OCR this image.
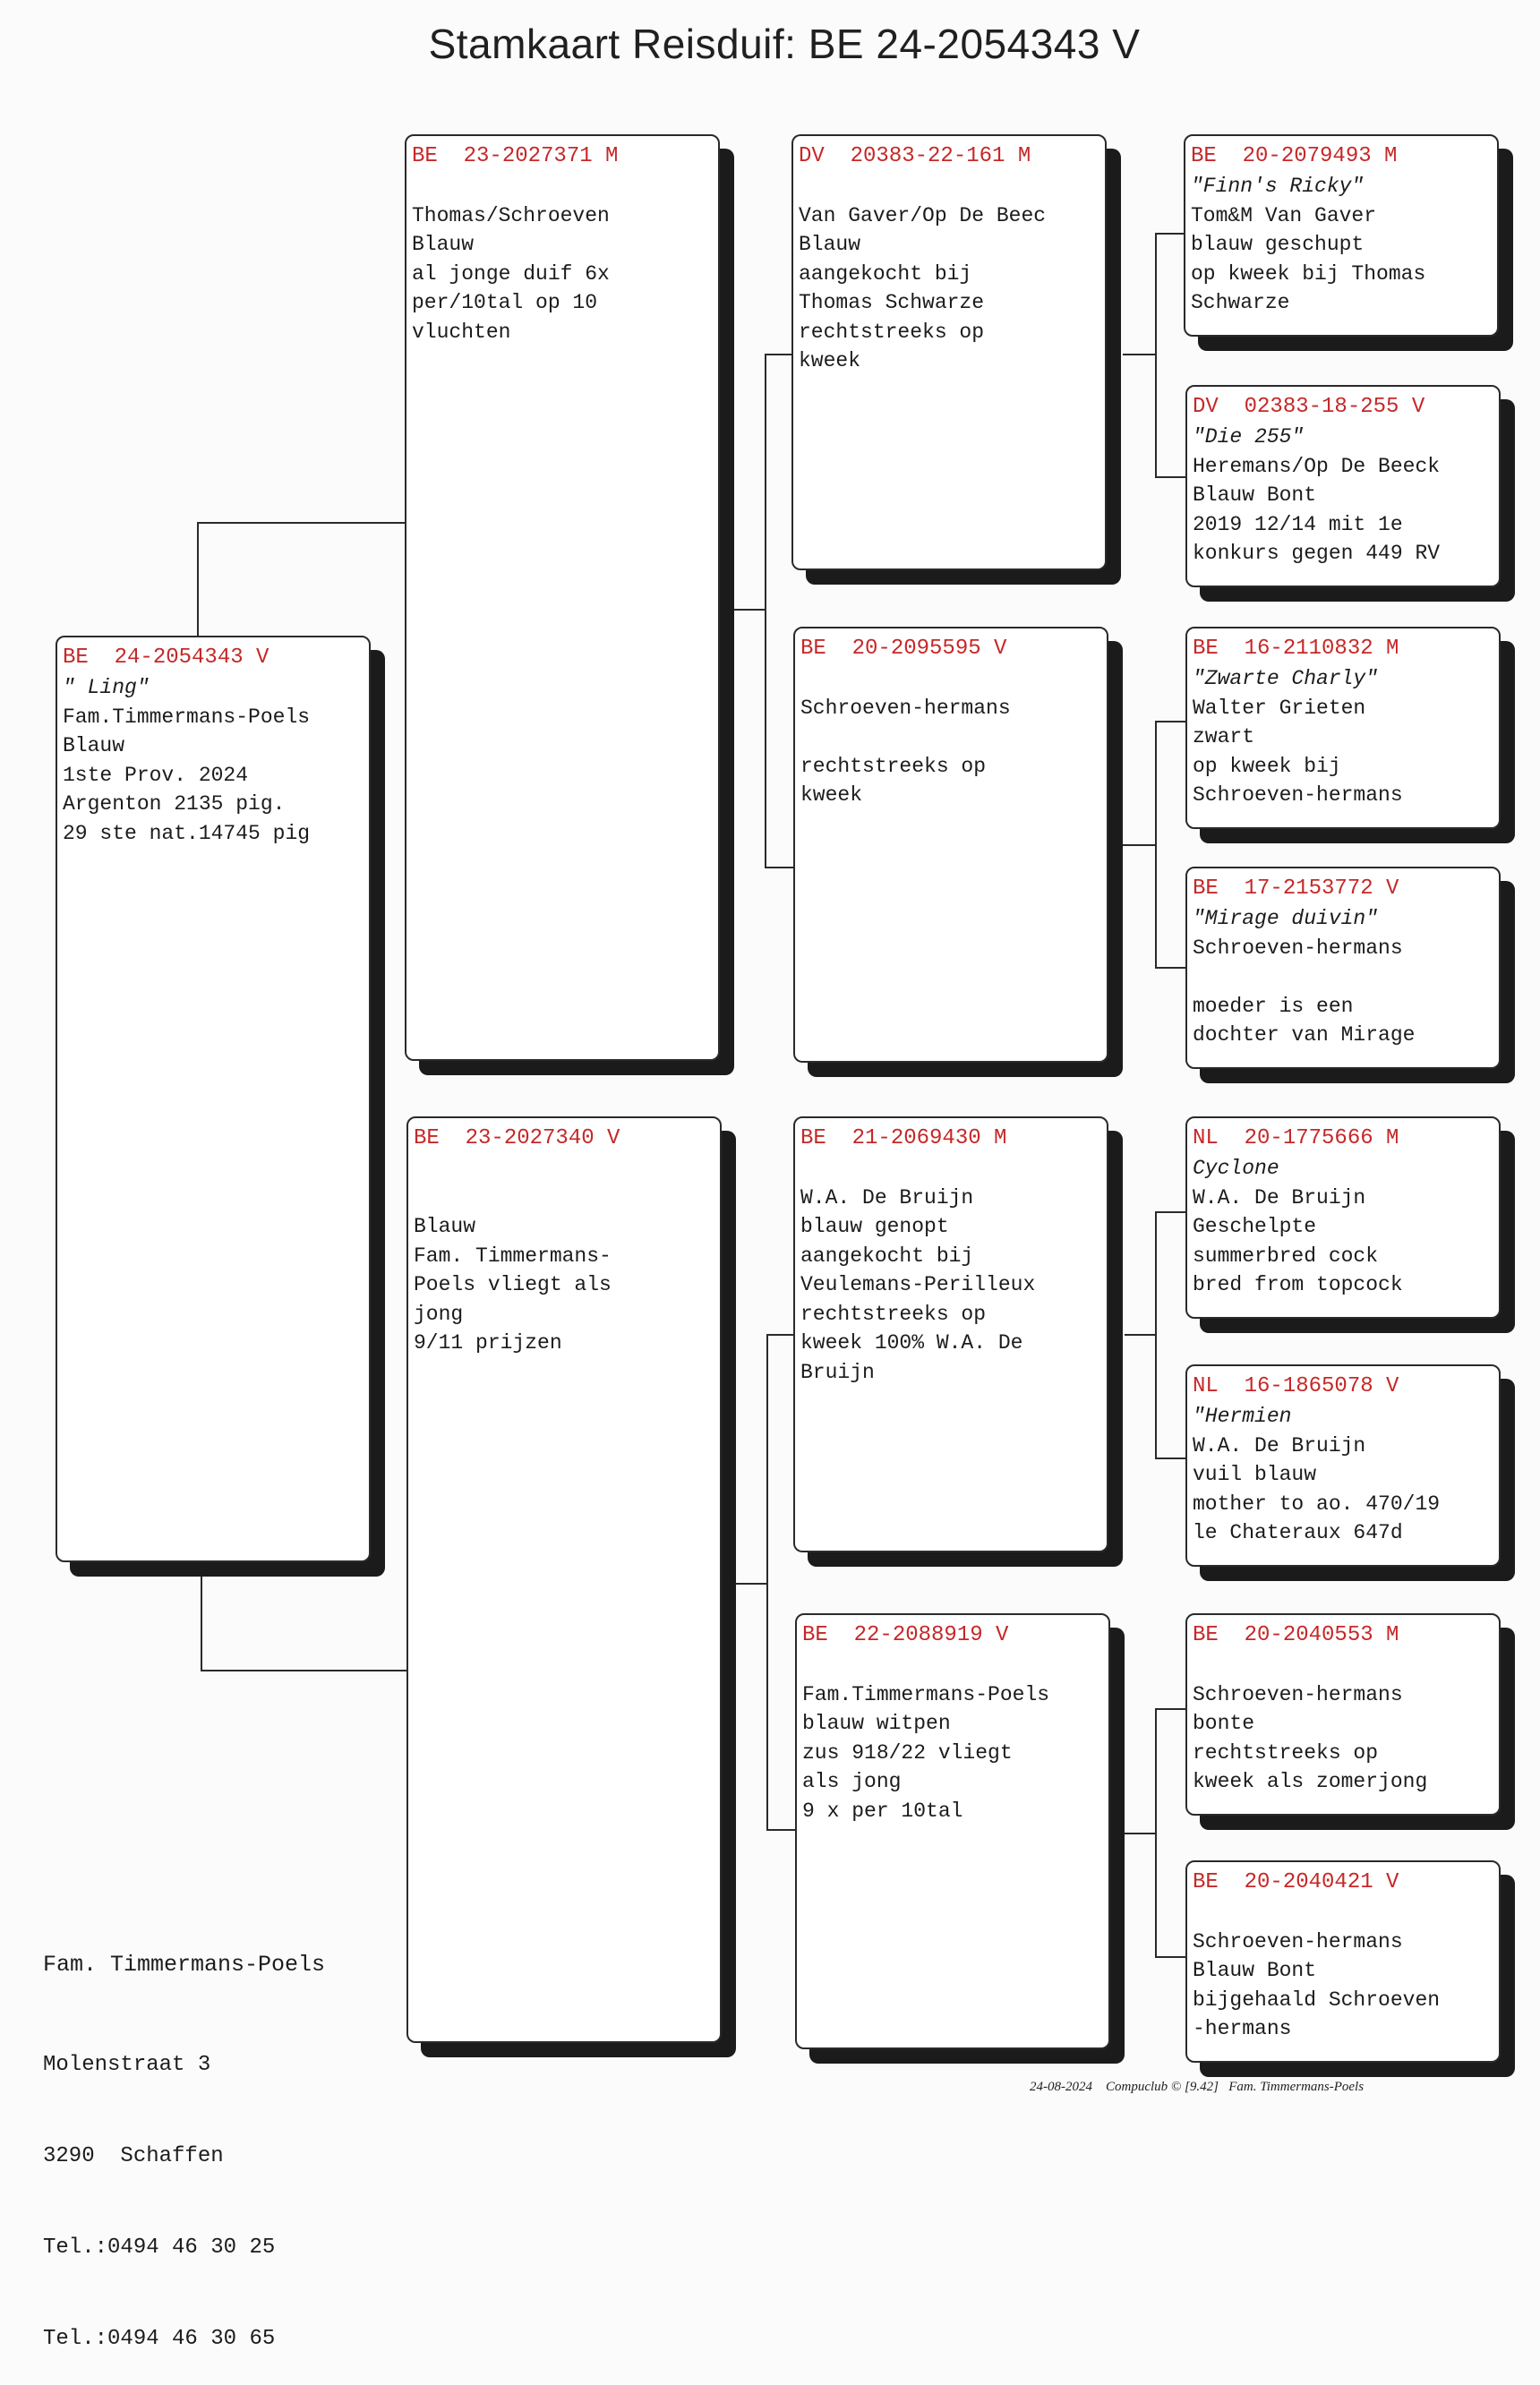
Stamkaart Reisduif: BE 24-2054343 V
BE  24-2054343 V
" Ling"
Fam.Timmermans-Poels
Blauw
1ste Prov. 2024
Argenton 2135 pig.
29 ste nat.14745 pig
BE  23-2027371 M
Thomas/Schroeven
Blauw
al jonge duif 6x
per/10tal op 10
vluchten
BE  23-2027340 V
Blauw
Fam. Timmermans-
Poels vliegt als
jong
9/11 prijzen
DV  20383-22-161 M
Van Gaver/Op De Beec
Blauw
aangekocht bij
Thomas Schwarze
rechtstreeks op
kweek
BE  20-2095595 V
Schroeven-hermans
rechtstreeks op
kweek
BE  21-2069430 M
W.A. De Bruijn
blauw genopt
aangekocht bij
Veulemans-Perilleux
rechtstreeks op
kweek 100% W.A. De
Bruijn
BE  22-2088919 V
Fam.Timmermans-Poels
blauw witpen
zus 918/22 vliegt
als jong
9 x per 10tal
BE  20-2079493 M
"Finn's Ricky"
Tom&M Van Gaver
blauw geschupt
op kweek bij Thomas
Schwarze
DV  02383-18-255 V
"Die 255"
Heremans/Op De Beeck
Blauw Bont
2019 12/14 mit 1e
konkurs gegen 449 RV
BE  16-2110832 M
"Zwarte Charly"
Walter Grieten
zwart
op kweek bij
Schroeven-hermans
BE  17-2153772 V
"Mirage duivin"
Schroeven-hermans
moeder is een
dochter van Mirage
NL  20-1775666 M
Cyclone
W.A. De Bruijn
Geschelpte
summerbred cock
bred from topcock
NL  16-1865078 V
"Hermien
W.A. De Bruijn
vuil blauw
mother to ao. 470/19
le Chateraux 647d
BE  20-2040553 M
Schroeven-hermans
bonte
rechtstreeks op
kweek als zomerjong
BE  20-2040421 V
Schroeven-hermans
Blauw Bont
bijgehaald Schroeven
-hermans

Fam. Timmermans-Poels

Molenstraat 3

3290  Schaffen

Tel.:0494 46 30 25

Tel.:0494 46 30 65

24-08-2024 Compuclub © [9.42] Fam. Timmermans-Poels
